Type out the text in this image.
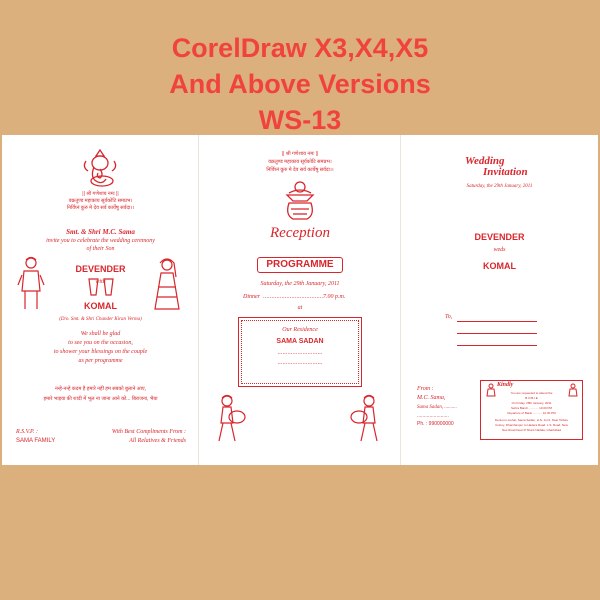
CorelDraw X3,X4,X5
And Above Versions
WS-13
|| श्री गणेशाय नमः ||
वक्रतुण्ड महाकाय सूर्यकोटि समप्रभ।
निर्विघ्नं कुरु मे देव सर्व कार्येषु सर्वदा।।
Smt. & Shri M.C. Sama
invite you to celebrate the wedding ceremony
of their Son
DEVENDER
with
KOMAL
(D/o. Smt. & Shri Chander Kiran Verma)
We shall be glad
to see you on the occasion,
to shower your blessings on the couple
as per programme
नन्हे-नन्हे कदम है हमारे नहीं हम सबको बुलाने आए,
हमारे भाइया की शादी में भूल ना जाना आने को... बिराजना, भैया
R.S.V.P. :
SAMA FAMILY
With Best Compliments From :
All Relatives & Friends
|| श्री गणेशाय नमः ||
वक्रतुण्ड महाकाय सूर्यकोटि समप्रभ।
निर्विघ्नं कुरु मे देव सर्व कार्येषु सर्वदा।।
Reception
PROGRAMME
Saturday, the 29th January, 2011
Dinner .................................... 7.00 p.m.
at
Our Residence
SAMA SADAN
...........................
...........................
Wedding
Invitation
Saturday, the 29th January, 2011
DEVENDER
weds
KOMAL
To,
From :
M.C. Sama,
Sama Sadan, ..........
.......................
Ph. : 990000000
Kindly
You are requested to attend the
B.O.B.I.E
On Friday, 28th January, 2011
Sehra Bandi ............ 10.00 PM
Departure of Barat ........... 10.30 PM
Dera-ron-mehar, Sama Sadan, H.N. Jot 6, Near Telfore
Colony, Dharshanpur to Hadera Road. L.S. Road, New
Nee Road Near R Shant Nadala, Ghaziabad
